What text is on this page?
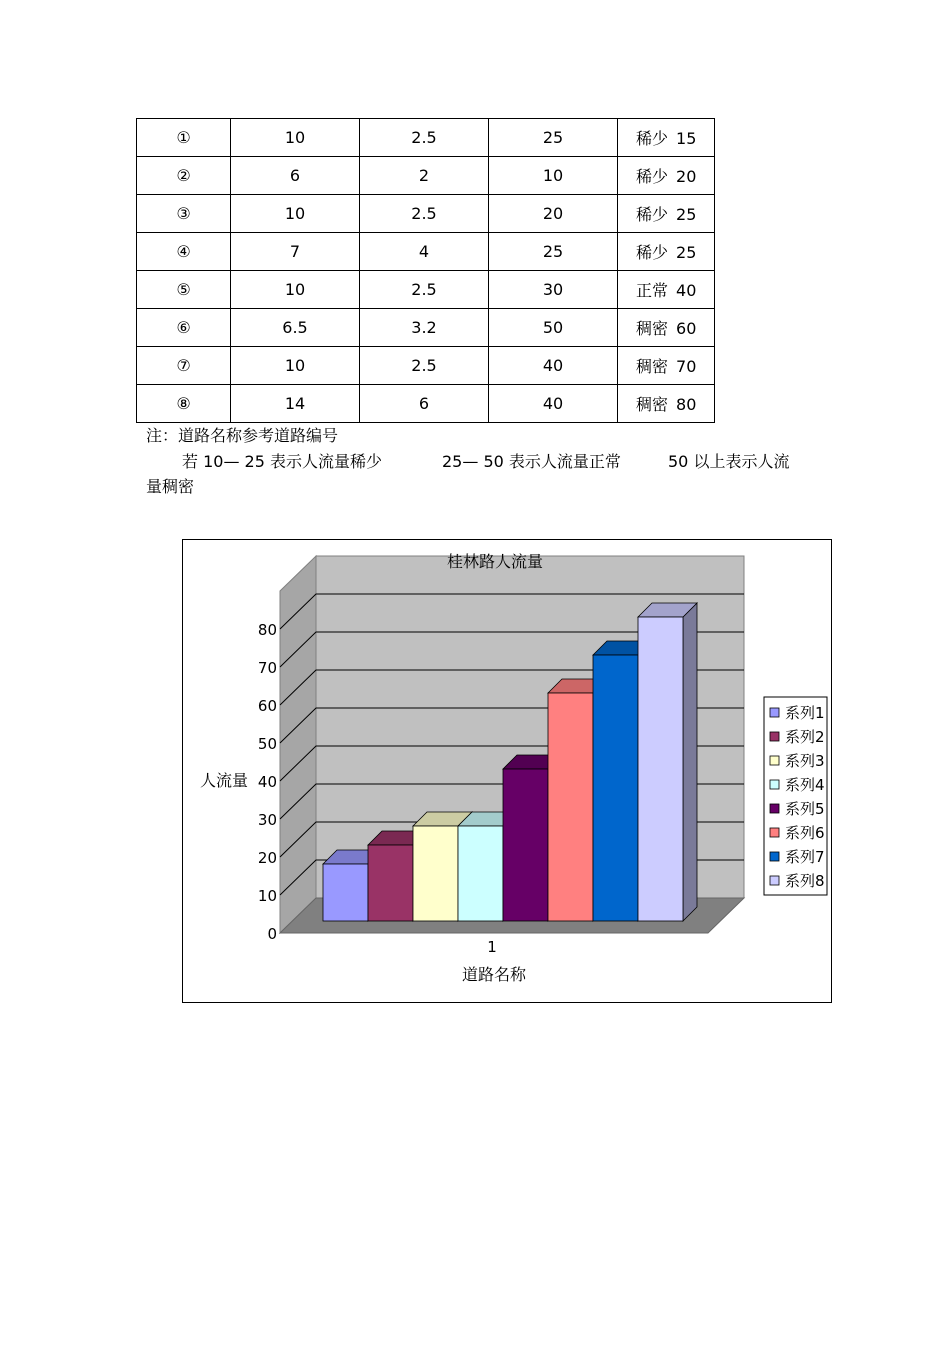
①	10	2.5	25	稀少 15
②	6	2	10	稀少 20
③	10	2.5	20	稀少 25
④	7	4	25	稀少 25
⑤	10	2.5	30	正常 40
⑥	6.5	3.2	50	稠密 60
⑦	10	2.5	40	稠密 70
⑧	14	6	40	稠密 80
注：道路名称参考道路编号
若 10— 25 表示人流量稀少	25— 50 表示人流量正常	50 以上表示人流
量稠密
0
10
20
30
40
50
60
70
80
1
桂林路人流量
道路名称
人流量
系列1
系列2
系列3
系列4
系列5
系列6
系列7
系列8
